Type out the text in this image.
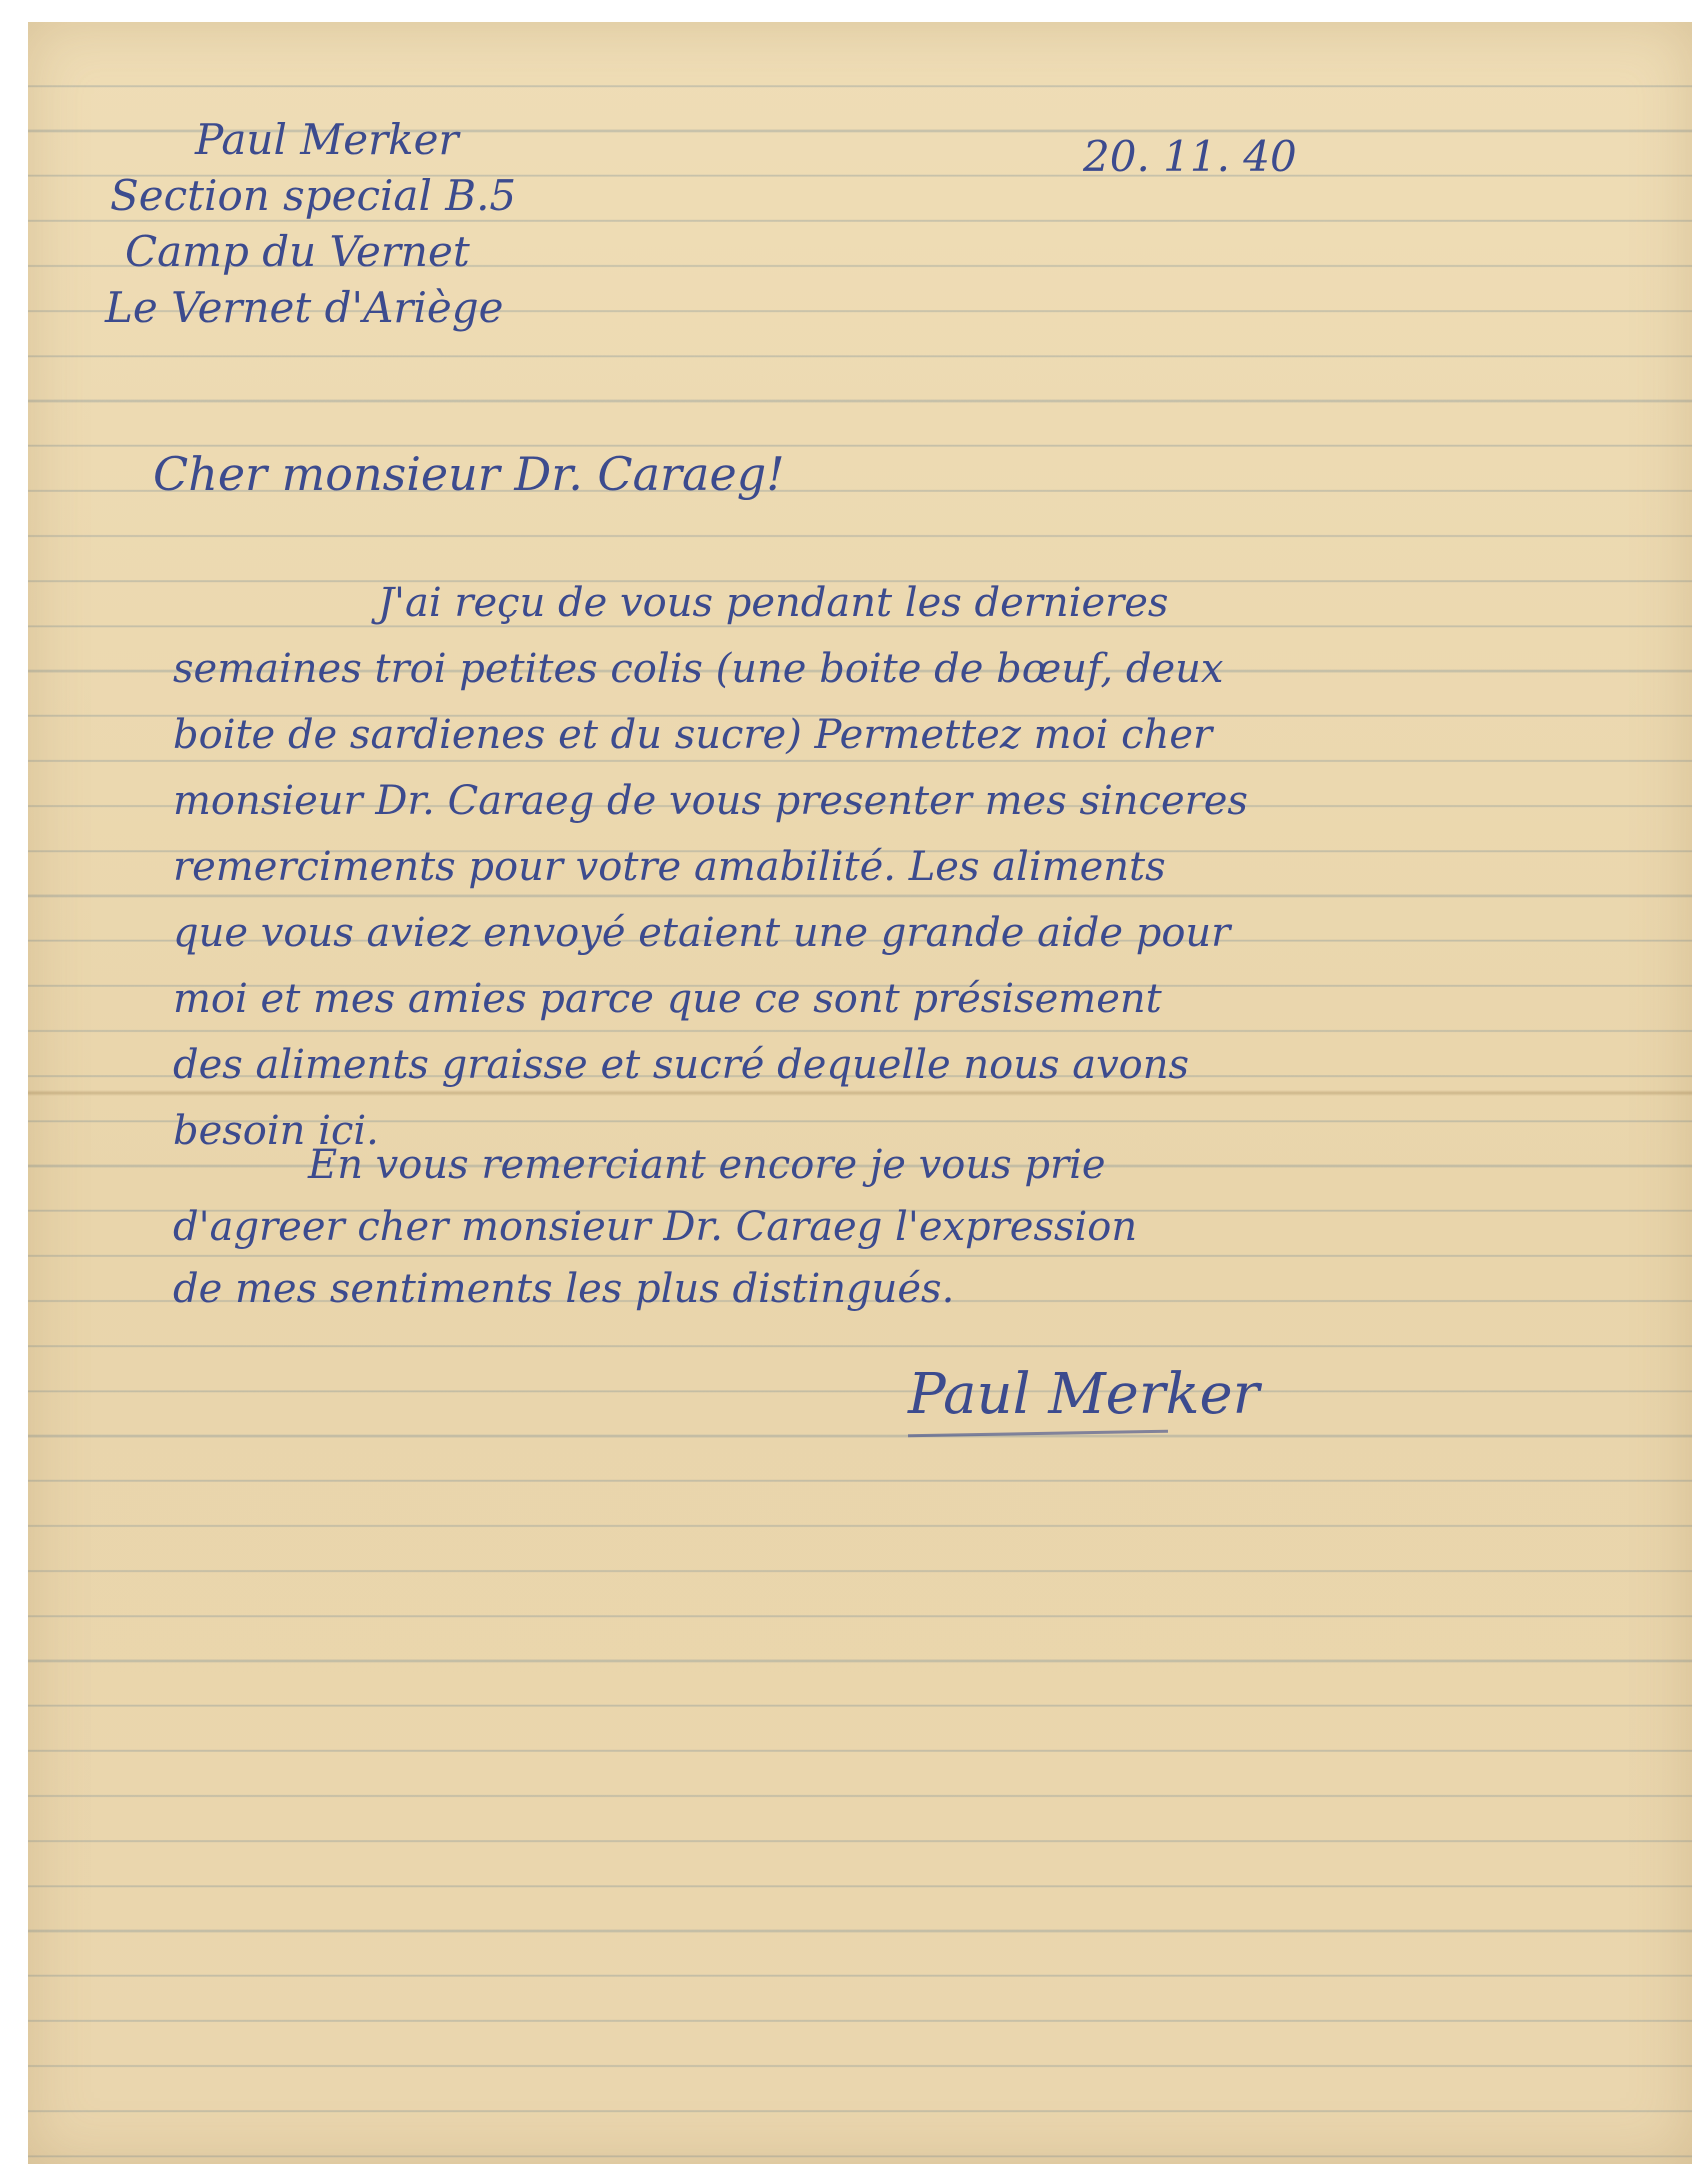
Paul Merker
Section special B.5
Camp du Vernet
Le Vernet d'Ariège
20. 11. 40
Cher monsieur Dr. Caraeg!
J'ai reçu de vous pendant les dernieres
semaines troi petites colis (une boite de bœuf, deux
boite de sardienes et du sucre) Permettez moi cher
monsieur Dr. Caraeg de vous presenter mes sinceres
remerciments pour votre amabilité. Les aliments
que vous aviez envoyé etaient une grande aide pour
moi et mes amies parce que ce sont présisement
des aliments graisse et sucré dequelle nous avons
besoin ici.
En vous remerciant encore je vous prie
d'agreer cher monsieur Dr. Caraeg l'expression
de mes sentiments les plus distingués.
Paul Merker
